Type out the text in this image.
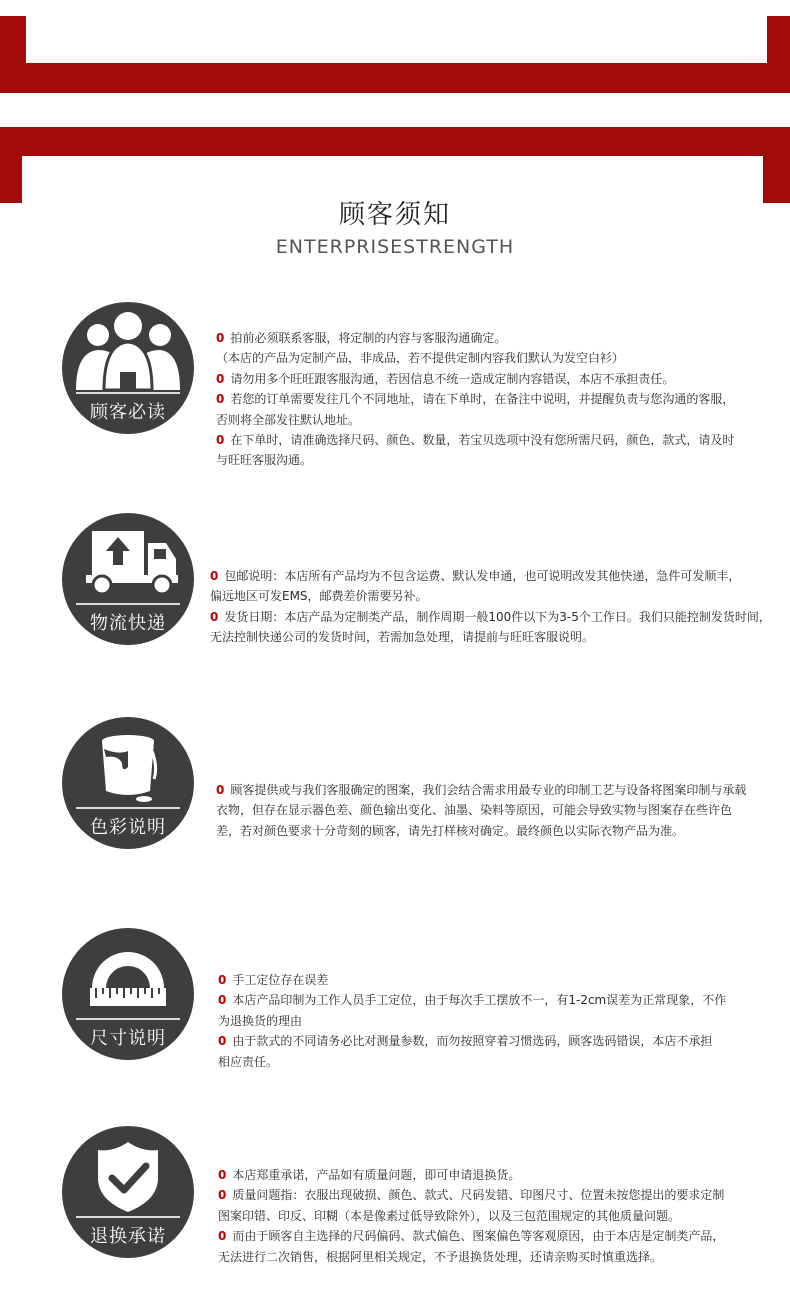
顾客须知
ENTERPRISESTRENGTH
顾客必读
0 拍前必须联系客服，将定制的内容与客服沟通确定。
（本店的产品为定制产品，非成品，若不提供定制内容我们默认为发空白衫）
0 请勿用多个旺旺跟客服沟通，若因信息不统一造成定制内容错误，本店不承担责任。
0 若您的订单需要发往几个不同地址，请在下单时，在备注中说明，并提醒负责与您沟通的客服，
否则将全部发往默认地址。
0 在下单时，请准确选择尺码、颜色、数量，若宝贝选项中没有您所需尺码，颜色，款式，请及时
与旺旺客服沟通。
物流快递
0 包邮说明：本店所有产品均为不包含运费、默认发申通，也可说明改发其他快递，急件可发顺丰，
偏远地区可发EMS，邮费差价需要另补。
0 发货日期：本店产品为定制类产品，制作周期一般100件以下为3-5个工作日。我们只能控制发货时间，
无法控制快递公司的发货时间，若需加急处理，请提前与旺旺客服说明。
色彩说明
0 顾客提供或与我们客服确定的图案，我们会结合需求用最专业的印制工艺与设备将图案印制与承载
衣物，但存在显示器色差、颜色输出变化、油墨、染料等原因，可能会导致实物与图案存在些许色
差，若对颜色要求十分苛刻的顾客，请先打样核对确定。最终颜色以实际衣物产品为准。
尺寸说明
0 手工定位存在误差
0 本店产品印制为工作人员手工定位，由于每次手工摆放不一，有1-2cm误差为正常现象，不作
为退换货的理由
0 由于款式的不同请务必比对测量参数，而勿按照穿着习惯选码，顾客选码错误，本店不承担
相应责任。
退换承诺
0 本店郑重承诺，产品如有质量问题，即可申请退换货。
0 质量问题指：衣服出现破损、颜色、款式、尺码发错、印图尺寸、位置未按您提出的要求定制
图案印错、印反、印糊（本是像素过低导致除外），以及三包范围规定的其他质量问题。
0 而由于顾客自主选择的尺码偏码、款式偏色、图案偏色等客观原因，由于本店是定制类产品，
无法进行二次销售，根据阿里相关规定，不予退换货处理，还请亲购买时慎重选择。
